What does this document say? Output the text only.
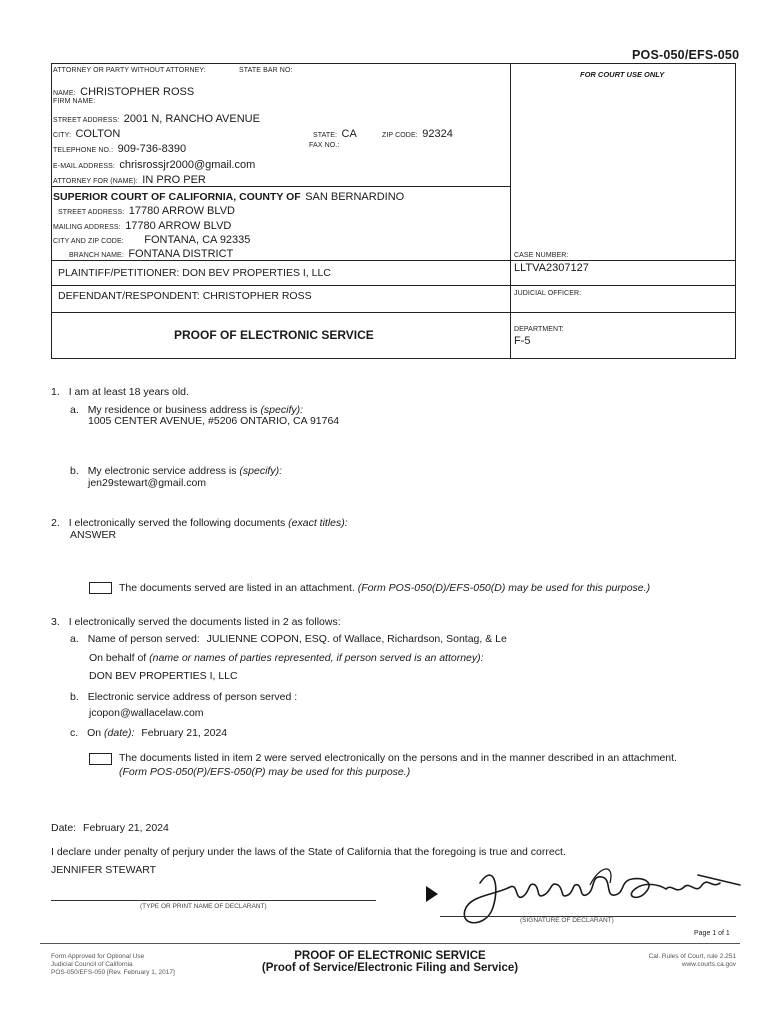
POS-050/EFS-050
ATTORNEY OR PARTY WITHOUT ATTORNEY:	STATE BAR NO:
NAME: CHRISTOPHER ROSS
FIRM NAME:
STREET ADDRESS: 2001 N, RANCHO AVENUE
CITY: COLTON	STATE: CA	ZIP CODE: 92324
TELEPHONE NO.: 909-736-8390	FAX NO.:
E-MAIL ADDRESS: chrisrossjr2000@gmail.com
ATTORNEY FOR (NAME): IN PRO PER
FOR COURT USE ONLY
SUPERIOR COURT OF CALIFORNIA, COUNTY OF SAN BERNARDINO
STREET ADDRESS: 17780 ARROW BLVD
MAILING ADDRESS: 17780 ARROW BLVD
CITY AND ZIP CODE: FONTANA, CA 92335
BRANCH NAME: FONTANA DISTRICT
PLAINTIFF/PETITIONER: DON BEV PROPERTIES I, LLC
DEFENDANT/RESPONDENT: CHRISTOPHER ROSS
CASE NUMBER:
LLTVA2307127
JUDICIAL OFFICER:
DEPARTMENT:
F-5
PROOF OF ELECTRONIC SERVICE
1. I am at least 18 years old.
a. My residence or business address is (specify):
1005 CENTER AVENUE, #5206 ONTARIO, CA 91764
b. My electronic service address is (specify):
jen29stewart@gmail.com
2. I electronically served the following documents (exact titles):
ANSWER
The documents served are listed in an attachment. (Form POS-050(D)/EFS-050(D) may be used for this purpose.)
3. I electronically served the documents listed in 2 as follows:
a. Name of person served: JULIENNE COPON, ESQ. of Wallace, Richardson, Sontag, & Le
On behalf of (name or names of parties represented, if person served is an attorney):
DON BEV PROPERTIES I, LLC
b. Electronic service address of person served :
jcopon@wallacelaw.com
c. On (date): February 21, 2024
The documents listed in item 2 were served electronically on the persons and in the manner described in an attachment.
(Form POS-050(P)/EFS-050(P) may be used for this purpose.)
Date: February 21, 2024
I declare under penalty of perjury under the laws of the State of California that the foregoing is true and correct.
JENNIFER STEWART
(TYPE OR PRINT NAME OF DECLARANT)
(SIGNATURE OF DECLARANT)
Page 1 of 1
Form Approved for Optional Use
Judicial Council of California
POS-050/EFS-050 [Rev. February 1, 2017]
PROOF OF ELECTRONIC SERVICE
(Proof of Service/Electronic Filing and Service)
Cal. Rules of Court, rule 2.251
www.courts.ca.gov
